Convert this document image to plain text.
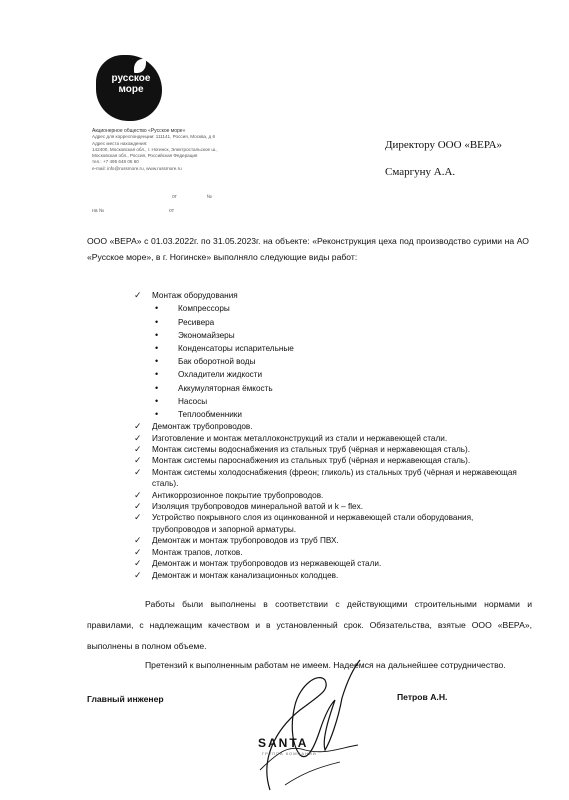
русское
море
Акционерное общество «Русское море»
Адрес для корреспонденции: 111141, Россия, Москва, д 6
Адрес места нахождения:
142400, Московская обл., г. Ногинск, Электростальское ш.,
Московская обл., Россия, Российская Федерация
тел.: +7 495 648 05 60
e-mail: info@russmore.ru, www.russmore.ru
от	№
на №	от
Директору ООО «ВЕРА»
Смаргуну А.А.
ООО «ВЕРА» с 01.03.2022г. по 31.05.2023г. на объекте: «Реконструкция цеха под производство сурими на АО «Русское море», в г. Ногинске» выполняло следующие виды работ:
✓ Монтаж оборудования
• Компрессоры
• Ресивера
• Экономайзеры
• Конденсаторы испарительные
• Бак оборотной воды
• Охладители жидкости
• Аккумуляторная ёмкость
• Насосы
• Теплообменники
✓ Демонтаж трубопроводов.
✓ Изготовление и монтаж металлоконструкций из стали и нержавеющей стали.
✓ Монтаж системы водоснабжения из стальных труб (чёрная и нержавеющая сталь).
✓ Монтаж системы пароснабжения из стальных труб (чёрная и нержавеющая сталь).
✓ Монтаж системы холодоснабжения (фреон; гликоль) из стальных труб (чёрная и нержавеющая сталь).
✓ Антикоррозионное покрытие трубопроводов.
✓ Изоляция трубопроводов минеральной ватой и k – flex.
✓ Устройство покрывного слоя из оцинкованной и нержавеющей стали оборудования, трубопроводов и запорной арматуры.
✓ Демонтаж и монтаж трубопроводов из труб ПВХ.
✓ Монтаж трапов, лотков.
✓ Демонтаж и монтаж трубопроводов из нержавеющей стали.
✓ Демонтаж и монтаж канализационных колодцев.
Работы были выполнены в соответствии с действующими строительными нормами и правилами, с надлежащим качеством и в установленный срок. Обязательства, взятые ООО «ВЕРА», выполнены в полном объеме.
Претензий к выполненным работам не имеем. Надеемся на дальнейшее сотрудничество.
Главный инженер	Петров А.Н.
SANTA
ГРУППА КОМПАНИЙ
